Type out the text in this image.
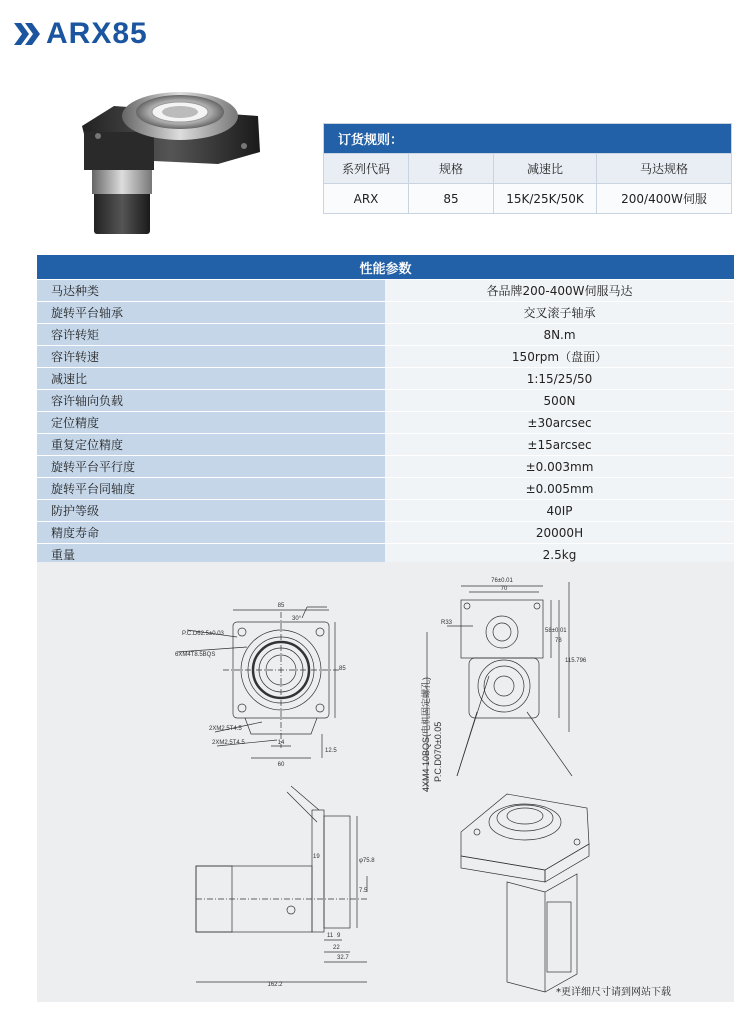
ARX85
订货规则：			
系列代码	规格	减速比	马达规格
ARX	85	15K/25K/50K	200/400W伺服
性能参数	
马达种类	各品牌200-400W伺服马达
旋转平台轴承	交叉滚子轴承
容许转矩	8N.m
容许转速	150rpm（盘面）
减速比	1:15/25/50
容许轴向负载	500N
定位精度	±30arcsec
重复定位精度	±15arcsec
旋转平台平行度	±0.003mm
旋转平台同轴度	±0.005mm
防护等级	40IP
精度寿命	20000H
重量	2.5kg
85
60
14
12.5
30°
85
P.C.D62.5±0.03
6XM4T8.5BQS
2XM2.5T4.5
2XM2.5T4.5
76±0.01
70
58±0.01
78
115.796
R33
162.2
32.7
22
11 9
7.5
19
φ75.8
4XM4 10BQS(电机固定螺孔) P.C.D070±0.05
*更详细尺寸请到网站下载
